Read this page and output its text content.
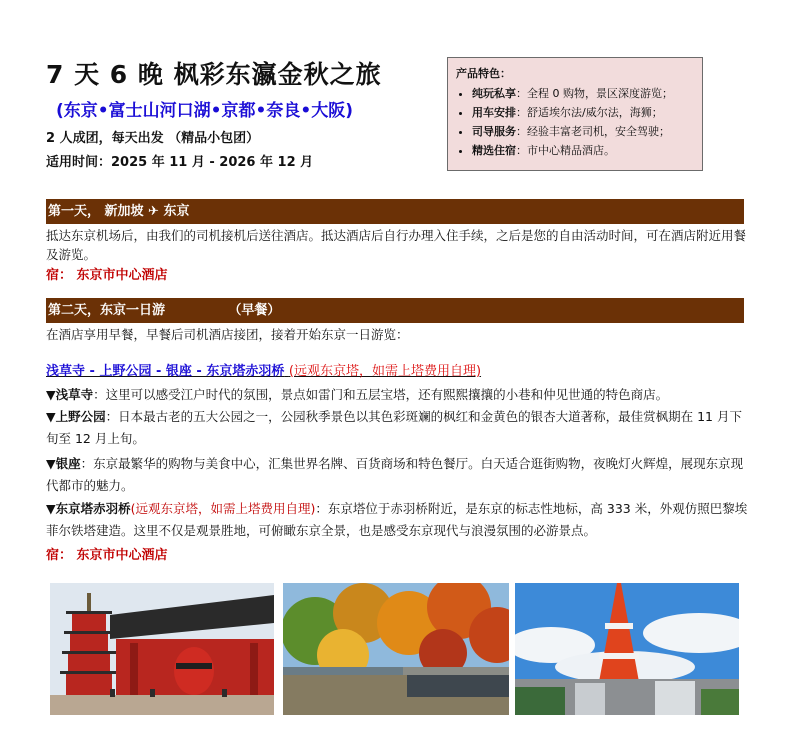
7 天 6 晚 枫彩东瀛金秋之旅
(东京•富士山河口湖•京都•奈良•大阪)
2 人成团，每天出发 （精品小包团）
适用时间：2025 年 11 月 - 2026 年 12 月
产品特色：
• 纯玩私享：全程 0 购物，景区深度游览；
• 用车安排：舒适埃尔法/威尔法，海狮；
• 司导服务：经验丰富老司机，安全驾驶；
• 精选住宿：市中心精品酒店。
第一天， 新加坡 ✈ 东京
抵达东京机场后，由我们的司机接机后送往酒店。抵达酒店后自行办理入住手续，之后是您的自由活动时间，可在酒店附近用餐及游览。
宿： 东京市中心酒店
第二天，东京一日游              （早餐）
在酒店享用早餐，早餐后司机酒店接团，接着开始东京一日游览：
浅草寺 - 上野公园 - 银座 - 东京塔赤羽桥 (远观东京塔，如需上塔费用自理)
▼浅草寺：这里可以感受江户时代的氛围，景点如雷门和五层宝塔，还有熙熙攘攘的小巷和仲见世通的特色商店。
▼上野公园：日本最古老的五大公园之一，公园秋季景色以其色彩斑斓的枫红和金黄色的银杏大道著称，最佳赏枫期在 11 月下旬至 12 月上旬。
▼银座：东京最繁华的购物与美食中心，汇集世界名牌、百货商场和特色餐厅。白天适合逛街购物，夜晚灯火辉煌，展现东京现代都市的魅力。
▼东京塔赤羽桥(远观东京塔，如需上塔费用自理)：东京塔位于赤羽桥附近，是东京的标志性地标，高 333 米，外观仿照巴黎埃菲尔铁塔建造。这里不仅是观景胜地，可俯瞰东京全景，也是感受东京现代与浪漫氛围的必游景点。
宿： 东京市中心酒店
